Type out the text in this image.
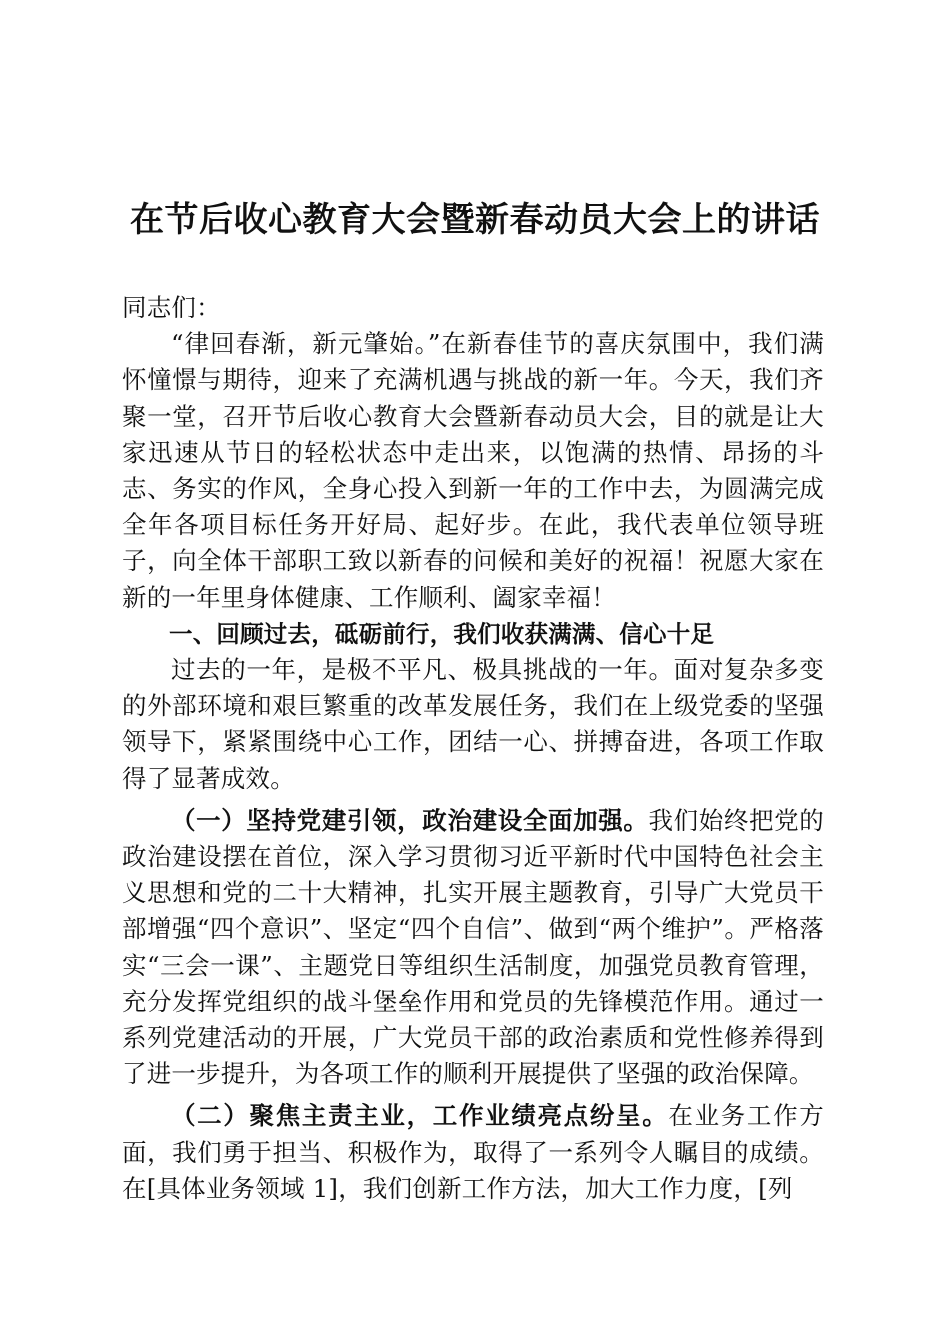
在节后收心教育大会暨新春动员大会上的讲话

同志们：

“律回春渐，新元肇始。”在新春佳节的喜庆氛围中，我们满怀憧憬与期待，迎来了充满机遇与挑战的新一年。今天，我们齐聚一堂，召开节后收心教育大会暨新春动员大会，目的就是让大家迅速从节日的轻松状态中走出来，以饱满的热情、昂扬的斗志、务实的作风，全身心投入到新一年的工作中去，为圆满完成全年各项目标任务开好局、起好步。在此，我代表单位领导班子，向全体干部职工致以新春的问候和美好的祝福！祝愿大家在新的一年里身体健康、工作顺利、阖家幸福！

一、回顾过去，砥砺前行，我们收获满满、信心十足

过去的一年，是极不平凡、极具挑战的一年。面对复杂多变的外部环境和艰巨繁重的改革发展任务，我们在上级党委的坚强领导下，紧紧围绕中心工作，团结一心、拼搏奋进，各项工作取得了显著成效。

（一）坚持党建引领，政治建设全面加强。我们始终把党的政治建设摆在首位，深入学习贯彻习近平新时代中国特色社会主义思想和党的二十大精神，扎实开展主题教育，引导广大党员干部增强“四个意识”、坚定“四个自信”、做到“两个维护”。严格落实“三会一课”、主题党日等组织生活制度，加强党员教育管理，充分发挥党组织的战斗堡垒作用和党员的先锋模范作用。通过一系列党建活动的开展，广大党员干部的政治素质和党性修养得到了进一步提升，为各项工作的顺利开展提供了坚强的政治保障。

（二）聚焦主责主业，工作业绩亮点纷呈。在业务工作方面，我们勇于担当、积极作为，取得了一系列令人瞩目的成绩。在[具体业务领域 1]，我们创新工作方法，加大工作力度，[列
